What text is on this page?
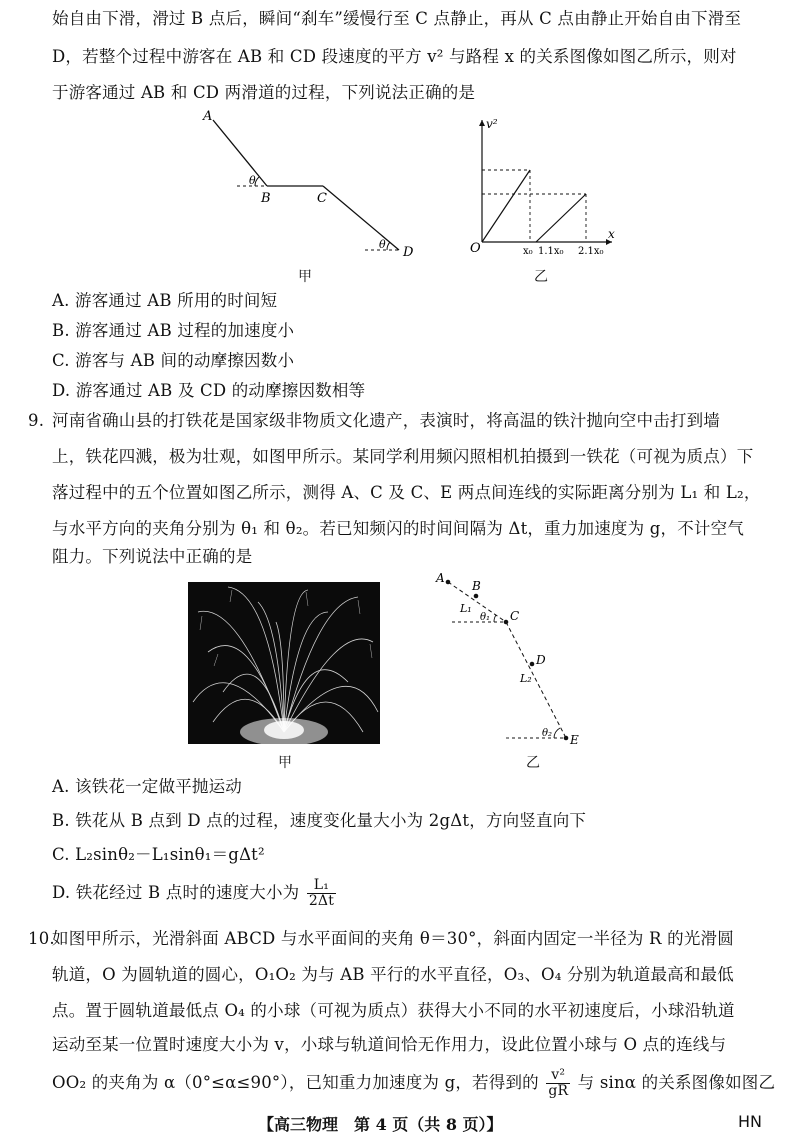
始自由下滑，滑过 B 点后，瞬间“刹车”缓慢行至 C 点静止，再从 C 点由静止开始自由下滑至
D，若整个过程中游客在 AB 和 CD 段速度的平方 v² 与路程 x 的关系图像如图乙所示，则对
于游客通过 AB 和 CD 两滑道的过程，下列说法正确的是
A
B	C
D
θ
θ
甲
v²
x
O	x₀ 1.1x₀ 2.1x₀
乙
A. 游客通过 AB 所用的时间短
B. 游客通过 AB 过程的加速度小
C. 游客与 AB 间的动摩擦因数小
D. 游客通过 AB 及 CD 的动摩擦因数相等
9. 河南省确山县的打铁花是国家级非物质文化遗产，表演时，将高温的铁汁抛向空中击打到墙
上，铁花四溅，极为壮观，如图甲所示。某同学利用频闪照相机拍摄到一铁花（可视为质点）下
落过程中的五个位置如图乙所示，测得 A、C 及 C、E 两点间连线的实际距离分别为 L₁ 和 L₂，
与水平方向的夹角分别为 θ₁ 和 θ₂。若已知频闪的时间间隔为 Δt，重力加速度为 g，不计空气
阻力。下列说法中正确的是
甲
A
B
C
D
E
L₁
L₂
θ₁
θ₂
乙
A. 该铁花一定做平抛运动
B. 铁花从 B 点到 D 点的过程，速度变化量大小为 2gΔt，方向竖直向下
C. L₂sinθ₂－L₁sinθ₁＝gΔt²
D. 铁花经过 B 点时的速度大小为 $\frac{\text{L₁}}{2\Delta t}$
10.
如图甲所示，光滑斜面 ABCD 与水平面间的夹角 θ＝30°，斜面内固定一半径为 R 的光滑圆
轨道，O 为圆轨道的圆心，O₁O₂ 为与 AB 平行的水平直径，O₃、O₄ 分别为轨道最高和最低
点。置于圆轨道最低点 O₄ 的小球（可视为质点）获得大小不同的水平初速度后，小球沿轨道
运动至某一位置时速度大小为 v，小球与轨道间恰无作用力，设此位置小球与 O 点的连线与
OO₂ 的夹角为 α（0°≤α≤90°），已知重力加速度为 g，若得到的 $\frac{\text{v²}}{gR}$ 与 sinα 的关系图像如图乙
【高三物理　第 4 页（共 8 页）】	HN
